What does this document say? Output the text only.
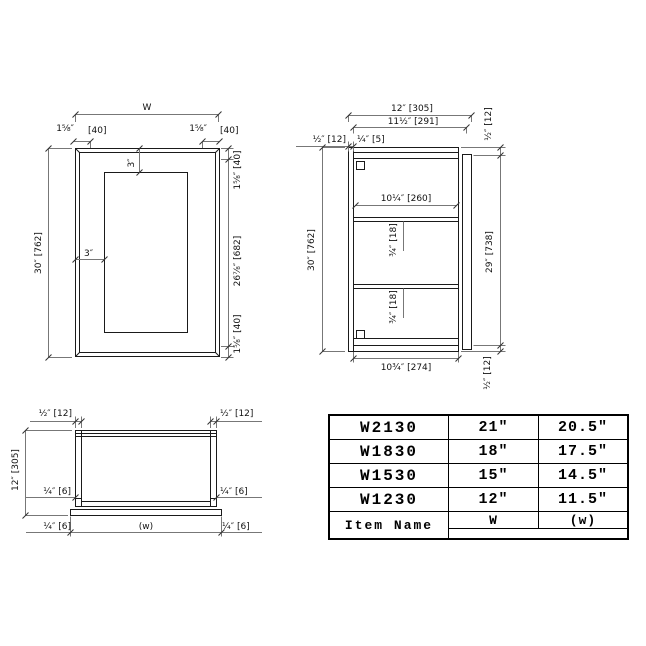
W
1⅝″ [40]	1⅝″ [40]
3″
3″
30″ [762]
1⅝″ [40]
26⅞″ [682]
1⅝″ [40]
12″ [305]
11½″ [291]
½″ [12] ¼″ [5]
10¼″ [260]
¾″ [18]
¾″ [18]
30″ [762]
½″ [12]
29″ [738]
½″ [12]
10¾″ [274]
½″ [12]	½″ [12]
12″ [305]
¼″ [6]	¼″ [6]
¼″ [6]	(w)	¼″ [6]
W2130	21"	20.5"
W1830	18"	17.5"
W1530	15"	14.5"
W1230	12"	11.5"
Item Name	W	(w)
